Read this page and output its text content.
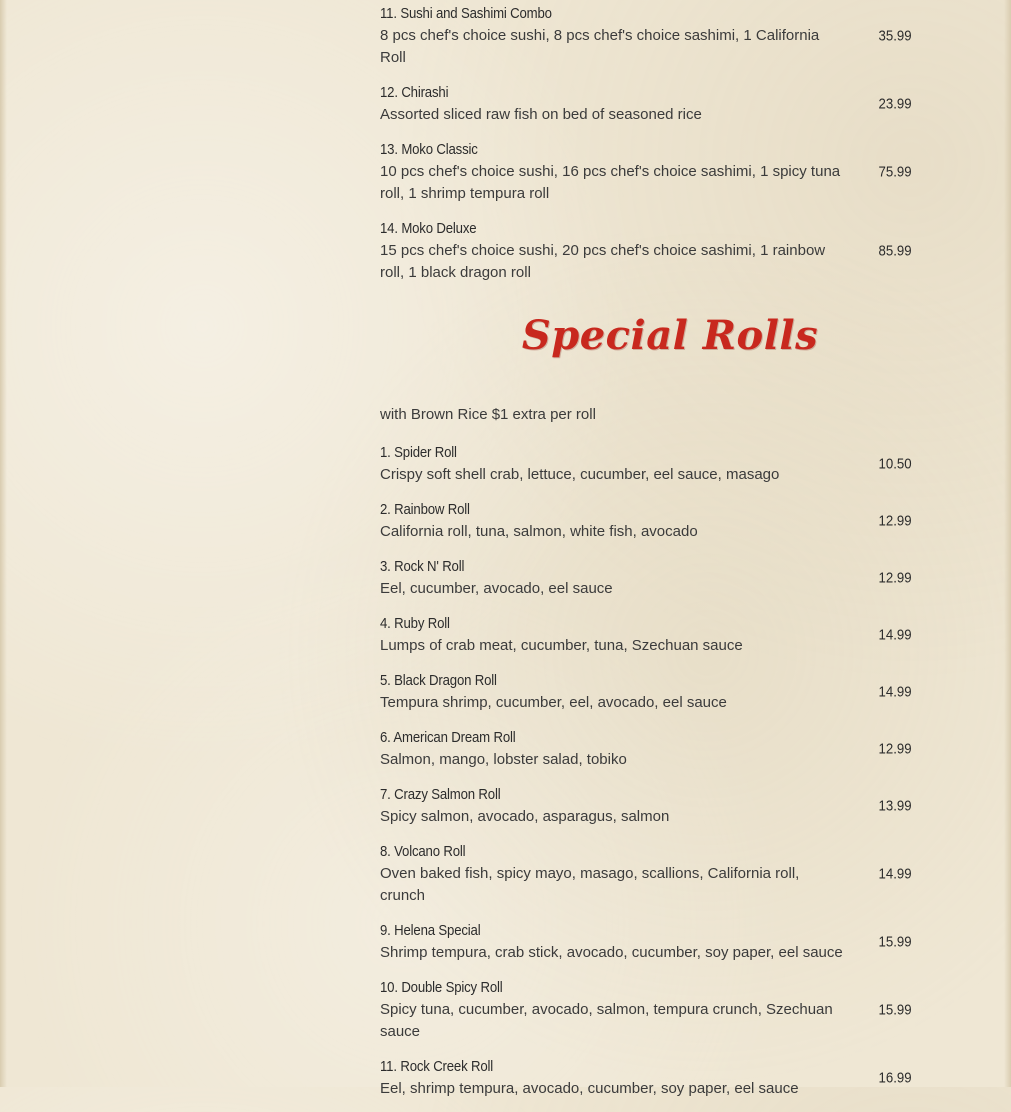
11. Sushi and Sashimi Combo
8 pcs chef's choice sushi, 8 pcs chef's choice sashimi, 1 California Roll
35.99
12. Chirashi
Assorted sliced raw fish on bed of seasoned rice
23.99
13. Moko Classic
10 pcs chef's choice sushi, 16 pcs chef's choice sashimi, 1 spicy tuna roll, 1 shrimp tempura roll
75.99
14. Moko Deluxe
15 pcs chef's choice sushi, 20 pcs chef's choice sashimi, 1 rainbow roll, 1 black dragon roll
85.99
Special Rolls
with Brown Rice $1 extra per roll
1. Spider Roll
Crispy soft shell crab, lettuce, cucumber, eel sauce, masago
10.50
2. Rainbow Roll
California roll, tuna, salmon, white fish, avocado
12.99
3. Rock N' Roll
Eel, cucumber, avocado, eel sauce
12.99
4. Ruby Roll
Lumps of crab meat, cucumber, tuna, Szechuan sauce
14.99
5. Black Dragon Roll
Tempura shrimp, cucumber, eel, avocado, eel sauce
14.99
6. American Dream Roll
Salmon, mango, lobster salad, tobiko
12.99
7. Crazy Salmon Roll
Spicy salmon, avocado, asparagus, salmon
13.99
8. Volcano Roll
Oven baked fish, spicy mayo, masago, scallions, California roll, crunch
14.99
9. Helena Special
Shrimp tempura, crab stick, avocado, cucumber, soy paper, eel sauce
15.99
10. Double Spicy Roll
Spicy tuna, cucumber, avocado, salmon, tempura crunch, Szechuan sauce
15.99
11. Rock Creek Roll
Eel, shrimp tempura, avocado, cucumber, soy paper, eel sauce
16.99
